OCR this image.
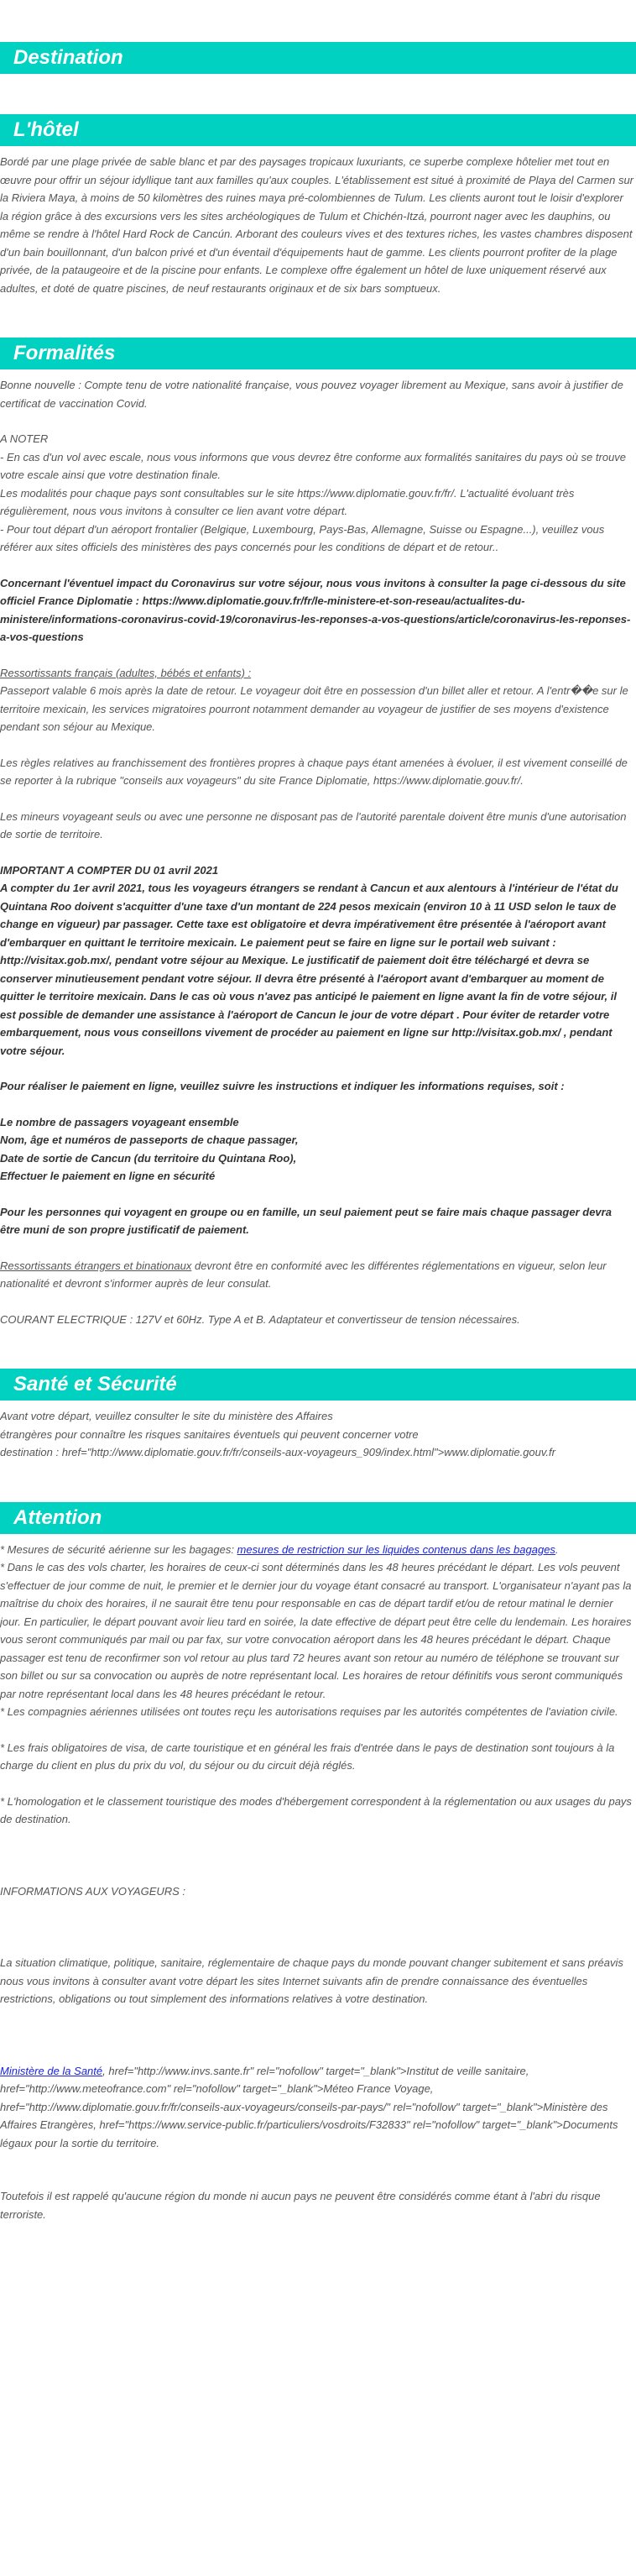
Destination
L'hôtel

Bordé par une plage privée de sable blanc et par des paysages tropicaux luxuriants, ce superbe complexe hôtelier met tout en œuvre pour offrir un séjour idyllique tant aux familles qu'aux couples. L'établissement est situé à proximité de Playa del Carmen sur la Riviera Maya, à moins de 50 kilomètres des ruines maya pré-colombiennes de Tulum. Les clients auront tout le loisir d'explorer la région grâce à des excursions vers les sites archéologiques de Tulum et Chichén-Itzá, pourront nager avec les dauphins, ou même se rendre à l'hôtel Hard Rock de Cancún. Arborant des couleurs vives et des textures riches, les vastes chambres disposent d'un bain bouillonnant, d'un balcon privé et d'un éventail d'équipements haut de gamme. Les clients pourront profiter de la plage privée, de la pataugeoire et de la piscine pour enfants. Le complexe offre également un hôtel de luxe uniquement réservé aux adultes, et doté de quatre piscines, de neuf restaurants originaux et de six bars somptueux.

Formalités

Bonne nouvelle : Compte tenu de votre nationalité française, vous pouvez voyager librement au Mexique, sans avoir à justifier de certificat de vaccination Covid.

A NOTER

- En cas d'un vol avec escale, nous vous informons que vous devrez être conforme aux formalités sanitaires du pays où se trouve votre escale ainsi que votre destination finale.

Les modalités pour chaque pays sont consultables sur le site https://www.diplomatie.gouv.fr/fr/. L'actualité évoluant très régulièrement, nous vous invitons à consulter ce lien avant votre départ.

- Pour tout départ d'un aéroport frontalier (Belgique, Luxembourg, Pays-Bas, Allemagne, Suisse ou Espagne...), veuillez vous référer aux sites officiels des ministères des pays concernés pour les conditions de départ et de retour..

Concernant l'éventuel impact du Coronavirus sur votre séjour, nous vous invitons à consulter la page ci-dessous du site officiel France Diplomatie : https://www.diplomatie.gouv.fr/fr/le-ministere-et-son-reseau/actualites-du-ministere/informations-coronavirus-covid-19/coronavirus-les-reponses-a-vos-questions/article/coronavirus-les-reponses-a-vos-questions

Ressortissants français (adultes, bébés et enfants) :

Passeport valable 6 mois après la date de retour. Le voyageur doit être en possession d'un billet aller et retour. A l'entr��e sur le territoire mexicain, les services migratoires pourront notamment demander au voyageur de justifier de ses moyens d'existence pendant son séjour au Mexique.

Les règles relatives au franchissement des frontières propres à chaque pays étant amenées à évoluer, il est vivement conseillé de se reporter à la rubrique "conseils aux voyageurs" du site France Diplomatie, https://www.diplomatie.gouv.fr/.

Les mineurs voyageant seuls ou avec une personne ne disposant pas de l'autorité parentale doivent être munis d'une autorisation de sortie de territoire.

IMPORTANT A COMPTER DU 01 avril 2021

A compter du 1er avril 2021, tous les voyageurs étrangers se rendant à Cancun et aux alentours à l'intérieur de l'état du Quintana Roo doivent s'acquitter d'une taxe d'un montant de 224 pesos mexicain (environ 10 à 11 USD selon le taux de change en vigueur) par passager. Cette taxe est obligatoire et devra impérativement être présentée à l'aéroport avant d'embarquer en quittant le territoire mexicain. Le paiement peut se faire en ligne sur le portail web suivant : http://visitax.gob.mx/, pendant votre séjour au Mexique. Le justificatif de paiement doit être téléchargé et devra se conserver minutieusement pendant votre séjour. Il devra être présenté à l'aéroport avant d'embarquer au moment de quitter le territoire mexicain. Dans le cas où vous n'avez pas anticipé le paiement en ligne avant la fin de votre séjour, il est possible de demander une assistance à l'aéroport de Cancun le jour de votre départ . Pour éviter de retarder votre embarquement, nous vous conseillons vivement de procéder au paiement en ligne sur http://visitax.gob.mx/ , pendant votre séjour.

Pour réaliser le paiement en ligne, veuillez suivre les instructions et indiquer les informations requises, soit :

Le nombre de passagers voyageant ensemble

Nom, âge et numéros de passeports de chaque passager,

Date de sortie de Cancun (du territoire du Quintana Roo),

Effectuer le paiement en ligne en sécurité

Pour les personnes qui voyagent en groupe ou en famille, un seul paiement peut se faire mais chaque passager devra être muni de son propre justificatif de paiement.

Ressortissants étrangers et binationaux devront être en conformité avec les différentes réglementations en vigueur, selon leur nationalité et devront s'informer auprès de leur consulat.

COURANT ELECTRIQUE : 127V et 60Hz. Type A et B. Adaptateur et convertisseur de tension nécessaires.

Santé et Sécurité

Avant votre départ, veuillez consulter le site du ministère des Affaires

étrangères pour connaître les risques sanitaires éventuels qui peuvent concerner votre

destination : href="http://www.diplomatie.gouv.fr/fr/conseils-aux-voyageurs_909/index.html">www.diplomatie.gouv.fr

Attention

* Mesures de sécurité aérienne sur les bagages: mesures de restriction sur les liquides contenus dans les bagages.

* Dans le cas des vols charter, les horaires de ceux-ci sont déterminés dans les 48 heures précédant le départ. Les vols peuvent s'effectuer de jour comme de nuit, le premier et le dernier jour du voyage étant consacré au transport. L'organisateur n'ayant pas la maîtrise du choix des horaires, il ne saurait être tenu pour responsable en cas de départ tardif et/ou de retour matinal le dernier jour. En particulier, le départ pouvant avoir lieu tard en soirée, la date effective de départ peut être celle du lendemain. Les horaires vous seront communiqués par mail ou par fax, sur votre convocation aéroport dans les 48 heures précédant le départ. Chaque passager est tenu de reconfirmer son vol retour au plus tard 72 heures avant son retour au numéro de téléphone se trouvant sur son billet ou sur sa convocation ou auprès de notre représentant local. Les horaires de retour définitifs vous seront communiqués par notre représentant local dans les 48 heures précédant le retour.

* Les compagnies aériennes utilisées ont toutes reçu les autorisations requises par les autorités compétentes de l'aviation civile.

* Les frais obligatoires de visa, de carte touristique et en général les frais d'entrée dans le pays de destination sont toujours à la charge du client en plus du prix du vol, du séjour ou du circuit déjà réglés.

* L'homologation et le classement touristique des modes d'hébergement correspondent à la réglementation ou aux usages du pays de destination.

INFORMATIONS AUX VOYAGEURS :

La situation climatique, politique, sanitaire, réglementaire de chaque pays du monde pouvant changer subitement et sans préavis

nous vous invitons à consulter avant votre départ les sites Internet suivants afin de prendre connaissance des éventuelles restrictions, obligations ou tout simplement des informations relatives à votre destination.

Ministère de la Santé, href="http://www.invs.sante.fr" rel="nofollow" target="_blank">Institut de veille sanitaire, href="http://www.meteofrance.com" rel="nofollow" target="_blank">Méteo France Voyage, href="http://www.diplomatie.gouv.fr/fr/conseils-aux-voyageurs/conseils-par-pays/" rel="nofollow" target="_blank">Ministère des Affaires Etrangères, href="https://www.service-public.fr/particuliers/vosdroits/F32833" rel="nofollow" target="_blank">Documents légaux pour la sortie du territoire.

Toutefois il est rappelé qu'aucune région du monde ni aucun pays ne peuvent être considérés comme étant à l'abri du risque terroriste.
